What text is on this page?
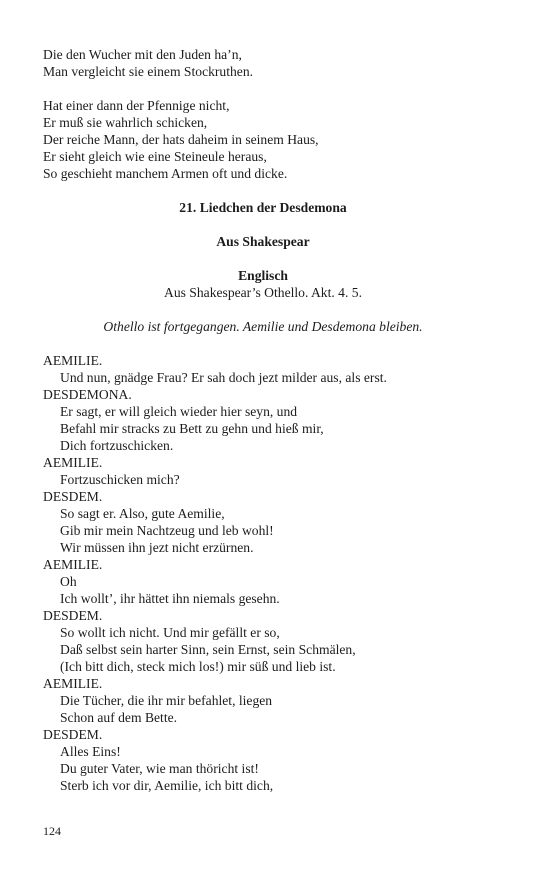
Die den Wucher mit den Juden ha’n,
Man vergleicht sie einem Stockruthen.
Hat einer dann der Pfennige nicht,
Er muß sie wahrlich schicken,
Der reiche Mann, der hats daheim in seinem Haus,
Er sieht gleich wie eine Steineule heraus,
So geschieht manchem Armen oft und dicke.
21. Liedchen der Desdemona
Aus Shakespear
Englisch
Aus Shakespear’s Othello. Akt. 4. 5.
Othello ist fortgegangen. Aemilie und Desdemona bleiben.
AEMILIE.
Und nun, gnädge Frau? Er sah doch jezt milder aus, als erst.
DESDEMONA.
Er sagt, er will gleich wieder hier seyn, und
Befahl mir stracks zu Bett zu gehn und hieß mir,
Dich fortzuschicken.
AEMILIE.
Fortzuschicken mich?
DESDEM.
So sagt er. Also, gute Aemilie,
Gib mir mein Nachtzeug und leb wohl!
Wir müssen ihn jezt nicht erzürnen.
AEMILIE.
Oh
Ich wollt’, ihr hättet ihn niemals gesehn.
DESDEM.
So wollt ich nicht. Und mir gefällt er so,
Daß selbst sein harter Sinn, sein Ernst, sein Schmälen,
(Ich bitt dich, steck mich los!) mir süß und lieb ist.
AEMILIE.
Die Tücher, die ihr mir befahlet, liegen
Schon auf dem Bette.
DESDEM.
Alles Eins!
Du guter Vater, wie man thöricht ist!
Sterb ich vor dir, Aemilie, ich bitt dich,
124
